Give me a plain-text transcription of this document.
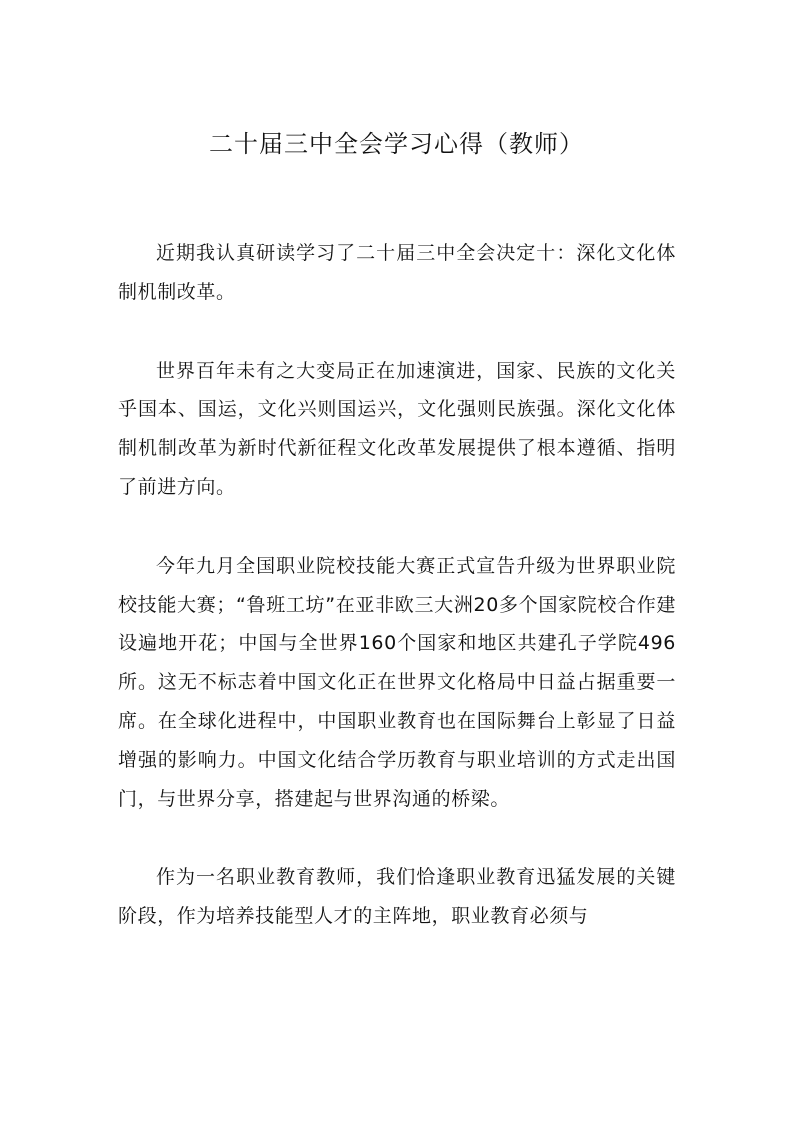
二十届三中全会学习心得（教师）

近期我认真研读学习了二十届三中全会决定十：深化文化体制机制改革。

世界百年未有之大变局正在加速演进，国家、民族的文化关乎国本、国运，文化兴则国运兴，文化强则民族强。深化文化体制机制改革为新时代新征程文化改革发展提供了根本遵循、指明了前进方向。

今年九月全国职业院校技能大赛正式宣告升级为世界职业院校技能大赛；“鲁班工坊”在亚非欧三大洲20多个国家院校合作建设遍地开花；中国与全世界160个国家和地区共建孔子学院496所。这无不标志着中国文化正在世界文化格局中日益占据重要一席。在全球化进程中，中国职业教育也在国际舞台上彰显了日益增强的影响力。中国文化结合学历教育与职业培训的方式走出国门，与世界分享，搭建起与世界沟通的桥梁。

作为一名职业教育教师，我们恰逢职业教育迅猛发展的关键阶段，作为培养技能型人才的主阵地，职业教育必须与
